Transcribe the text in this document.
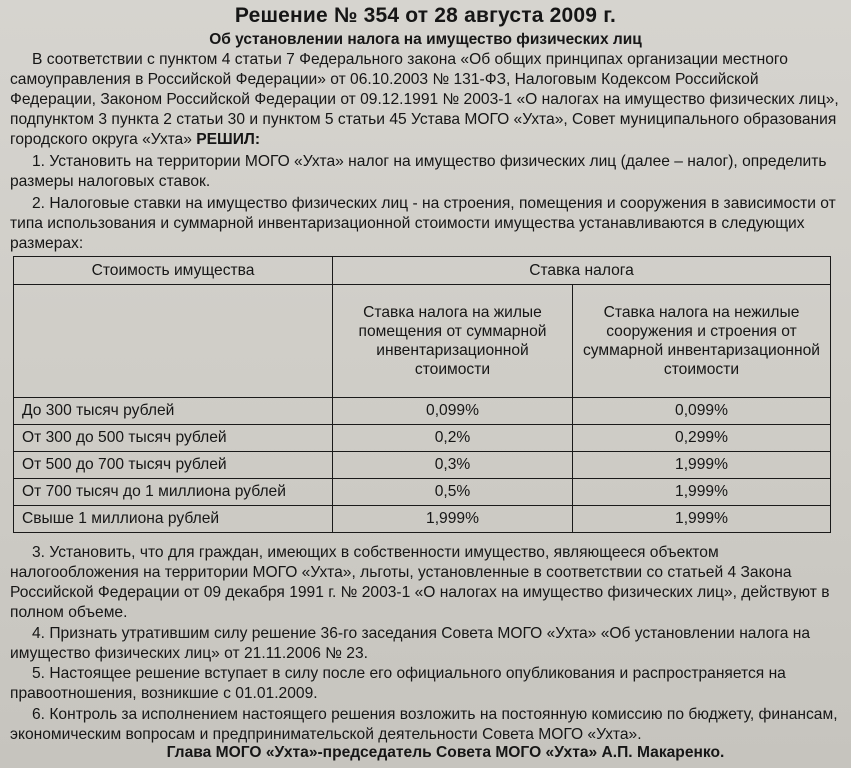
Решение № 354 от 28 августа 2009 г.
Об установлении налога на имущество физических лиц

В соответствии с пунктом 4 статьи 7 Федерального закона «Об общих принципах организации местного самоуправления в Российской Федерации» от 06.10.2003 № 131-ФЗ, Налоговым Кодексом Российской Федерации, Законом Российской Федерации от 09.12.1991 № 2003-1 «О налогах на имущество физических лиц», подпунктом 3 пункта 2 статьи 30 и пунктом 5 статьи 45 Устава МОГО «Ухта», Совет муниципального образования городского округа «Ухта» РЕШИЛ:

1. Установить на территории МОГО «Ухта» налог на имущество физических лиц (далее – налог), определить размеры налоговых ставок.

2. Налоговые ставки на имущество физических лиц - на строения, помещения и сооружения в зависимости от типа использования и суммарной инвентаризационной стоимости имущества устанавливаются в следующих размерах:

Стоимость имущества	Ставка налога	
	Ставка налога на жилые помещения от суммарной инвентаризационной стоимости	Ставка налога на нежилые сооружения и строения от суммарной инвентаризационной стоимости
До 300 тысяч рублей	0,099%	0,099%
От 300 до 500 тысяч рублей	0,2%	0,299%
От 500 до 700 тысяч рублей	0,3%	1,999%
От 700 тысяч до 1 миллиона рублей	0,5%	1,999%
Свыше 1 миллиона рублей	1,999%	1,999%

3. Установить, что для граждан, имеющих в собственности имущество, являющееся объектом налогообложения на территории МОГО «Ухта», льготы, установленные в соответствии со статьей 4 Закона Российской Федерации от 09 декабря 1991 г. № 2003-1 «О налогах на имущество физических лиц», действуют в полном объеме.

4. Признать утратившим силу решение 36-го заседания Совета МОГО «Ухта» «Об установлении налога на имущество физических лиц» от 21.11.2006 № 23.

5. Настоящее решение вступает в силу после его официального опубликования и распространяется на правоотношения, возникшие с 01.01.2009.

6. Контроль за исполнением настоящего решения возложить на постоянную комиссию по бюджету, финансам, экономическим вопросам и предпринимательской деятельности Совета МОГО «Ухта».

Глава МОГО «Ухта»-председатель Совета МОГО «Ухта» А.П. Макаренко.
